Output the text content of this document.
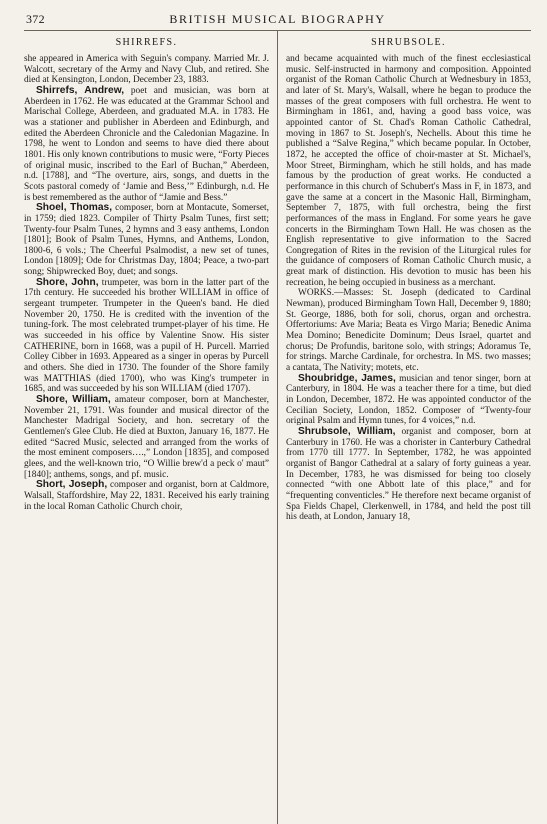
372	BRITISH MUSICAL BIOGRAPHY
SHIRREFS.

she appeared in America with Seguin's company. Married Mr. J. Walcott, secretary of the Army and Navy Club, and retired. She died at Kensington, London, December 23, 1883.

Shirrefs, Andrew, poet and musician, was born at Aberdeen in 1762. He was educated at the Grammar School and Marischal College, Aberdeen, and graduated M.A. in 1783. He was a stationer and publisher in Aberdeen and Edinburgh, and edited the Aberdeen Chronicle and the Caledonian Magazine. In 1798, he went to London and seems to have died there about 1801. His only known contributions to music were, “Forty Pieces of original music, inscribed to the Earl of Buchan,” Aberdeen, n.d. [1788], and “The overture, airs, songs, and duetts in the Scots pastoral comedy of ‘Jamie and Bess,’” Edinburgh, n.d. He is best remembered as the author of “Jamie and Bess.”

Shoel, Thomas, composer, born at Montacute, Somerset, in 1759; died 1823. Compiler of Thirty Psalm Tunes, first sett; Twenty-four Psalm Tunes, 2 hymns and 3 easy anthems, London [1801]; Book of Psalm Tunes, Hymns, and Anthems, London, 1800-6, 6 vols.; The Cheerful Psalmodist, a new set of tunes, London [1809]; Ode for Christmas Day, 1804; Peace, a two-part song; Shipwrecked Boy, duet; and songs.

Shore, John, trumpeter, was born in the latter part of the 17th century. He succeeded his brother WILLIAM in office of sergeant trumpeter. Trumpeter in the Queen's band. He died November 20, 1750. He is credited with the invention of the tuning-fork. The most celebrated trumpet-player of his time. He was succeeded in his office by Valentine Snow. His sister CATHERINE, born in 1668, was a pupil of H. Purcell. Married Colley Cibber in 1693. Appeared as a singer in operas by Purcell and others. She died in 1730. The founder of the Shore family was MATTHIAS (died 1700), who was King's trumpeter in 1685, and was succeeded by his son WILLIAM (died 1707).

Shore, William, amateur composer, born at Manchester, November 21, 1791. Was founder and musical director of the Manchester Madrigal Society, and hon. secretary of the Gentlemen's Glee Club. He died at Buxton, January 16, 1877. He edited “Sacred Music, selected and arranged from the works of the most eminent composers….,” London [1835], and composed glees, and the well-known trio, “O Willie brew'd a peck o' maut” [1840]; anthems, songs, and pf. music.

Short, Joseph, composer and organist, born at Caldmore, Walsall, Staffordshire, May 22, 1831. Received his early training in the local Roman Catholic Church choir,

SHRUBSOLE.

and became acquainted with much of the finest ecclesiastical music. Self-instructed in harmony and composition. Appointed organist of the Roman Catholic Church at Wednesbury in 1853, and later of St. Mary's, Walsall, where he began to produce the masses of the great composers with full orchestra. He went to Birmingham in 1861, and, having a good bass voice, was appointed cantor of St. Chad's Roman Catholic Cathedral, moving in 1867 to St. Joseph's, Nechells. About this time he published a “Salve Regina,” which became popular. In October, 1872, he accepted the office of choir-master at St. Michael's, Moor Street, Birmingham, which he still holds, and has made famous by the production of great works. He conducted a performance in this church of Schubert's Mass in F, in 1873, and gave the same at a concert in the Masonic Hall, Birmingham, September 7, 1875, with full orchestra, being the first performances of the mass in England. For some years he gave concerts in the Birmingham Town Hall. He was chosen as the English representative to give information to the Sacred Congregation of Rites in the revision of the Liturgical rules for the guidance of composers of Roman Catholic Church music, a great mark of distinction. His devotion to music has been his recreation, he being occupied in business as a merchant.

WORKS.—Masses: St. Joseph (dedicated to Cardinal Newman), produced Birmingham Town Hall, December 9, 1880; St. George, 1886, both for soli, chorus, organ and orchestra. Offertoriums: Ave Maria; Beata es Virgo Maria; Benedic Anima Mea Domino; Benedicite Dominum; Deus Israel, quartet and chorus; De Profundis, baritone solo, with strings; Adoramus Te, for strings. Marche Cardinale, for orchestra. In MS. two masses; a cantata, The Nativity; motets, etc.

Shoubridge, James, musician and tenor singer, born at Canterbury, in 1804. He was a teacher there for a time, but died in London, December, 1872. He was appointed conductor of the Cecilian Society, London, 1852. Composer of “Twenty-four original Psalm and Hymn tunes, for 4 voices,” n.d.

Shrubsole, William, organist and composer, born at Canterbury in 1760. He was a chorister in Canterbury Cathedral from 1770 till 1777. In September, 1782, he was appointed organist of Bangor Cathedral at a salary of forty guineas a year. In December, 1783, he was dismissed for being too closely connected “with one Abbott late of this place,” and for “frequenting conventicles.” He therefore next became organist of Spa Fields Chapel, Clerkenwell, in 1784, and held the post till his death, at London, January 18,
